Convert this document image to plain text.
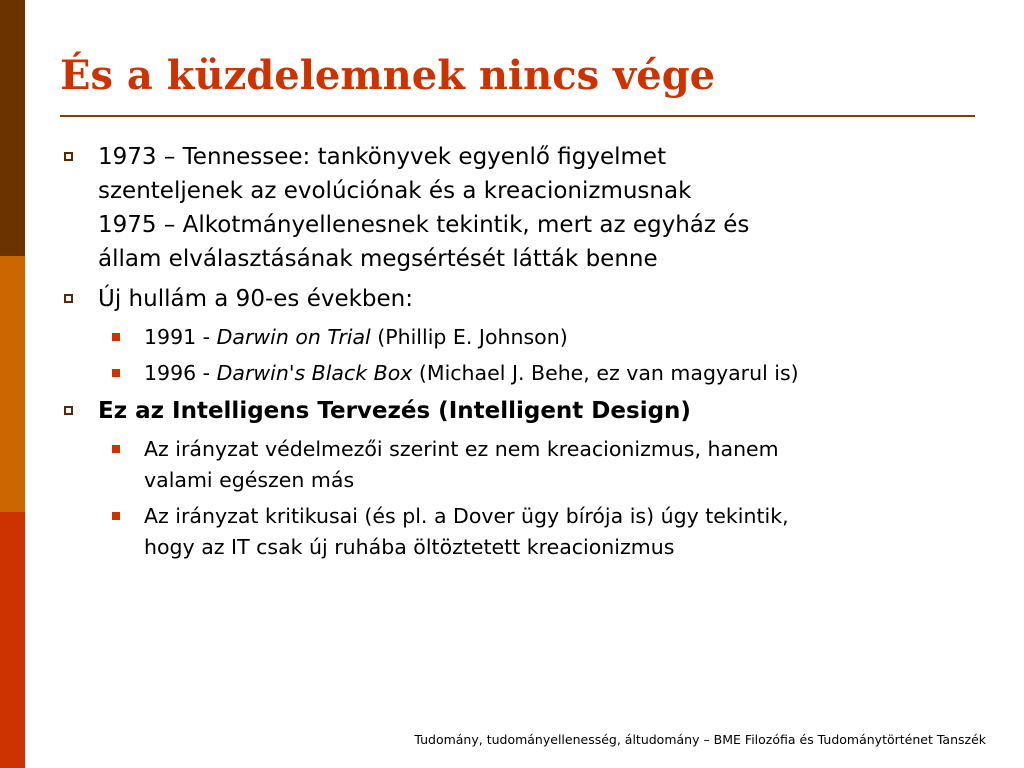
És a küzdelemnek nincs vége
1973 – Tennessee: tankönyvek egyenlő figyelmet
szenteljenek az evolúciónak és a kreacionizmusnak
1975 – Alkotmányellenesnek tekintik, mert az egyház és
állam elválasztásának megsértését látták benne
Új hullám a 90-es években:
1991 - Darwin on Trial (Phillip E. Johnson)
1996 - Darwin's Black Box (Michael J. Behe, ez van magyarul is)
Ez az Intelligens Tervezés (Intelligent Design)
Az irányzat védelmezői szerint ez nem kreacionizmus, hanem
valami egészen más
Az irányzat kritikusai (és pl. a Dover ügy bírója is) úgy tekintik,
hogy az IT csak új ruhába öltöztetett kreacionizmus
Tudomány, tudományellenesség, áltudomány – BME Filozófia és Tudománytörténet Tanszék
